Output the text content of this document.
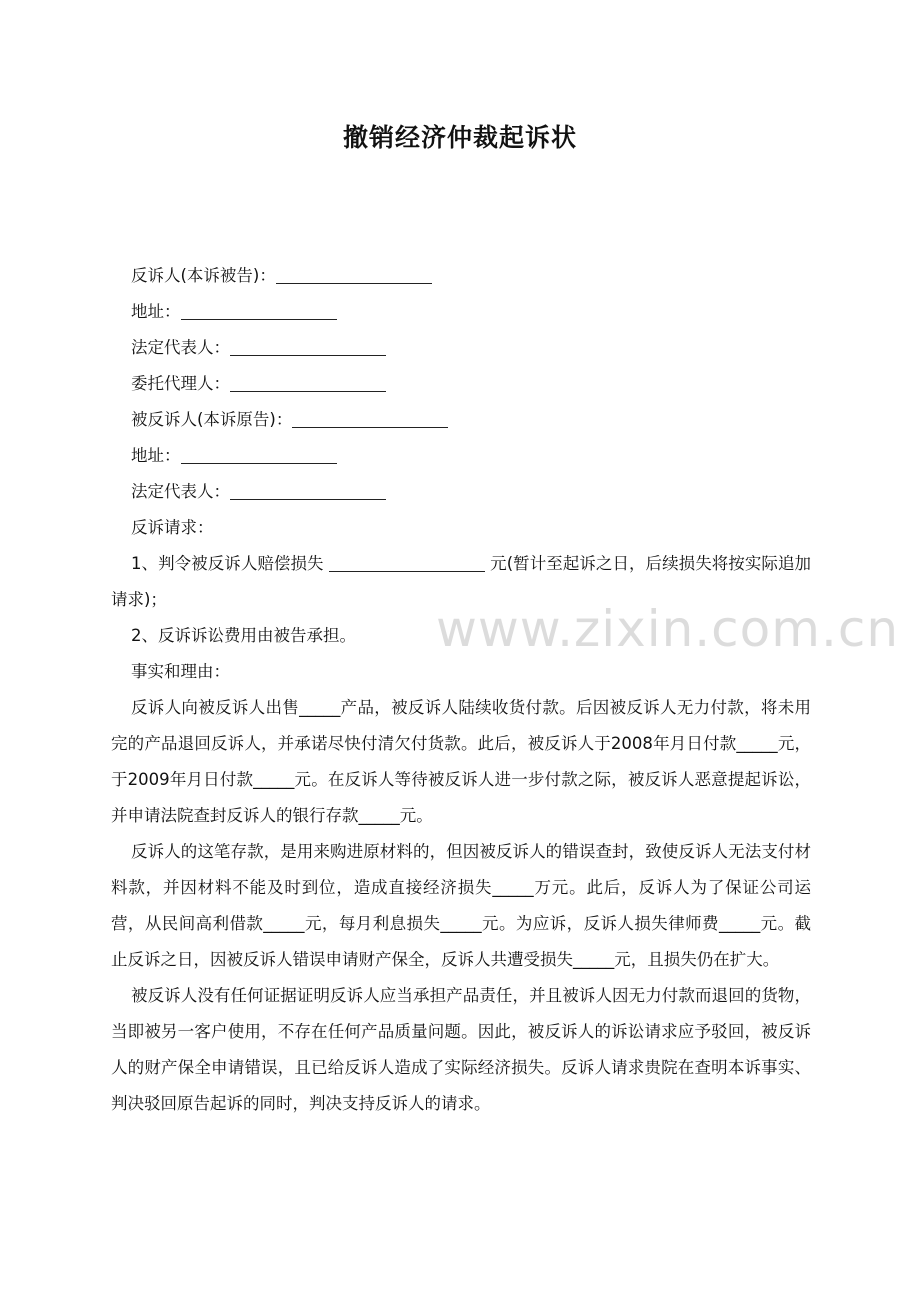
撤销经济仲裁起诉状
反诉人(本诉被告)：
地址：
法定代表人：
委托代理人：
被反诉人(本诉原告)：
地址：
法定代表人：
反诉请求：

1、判令被反诉人赔偿损失	元(暂计至起诉之日，后续损失将按实际追加请求)；

2、反诉诉讼费用由被告承担。

事实和理由：

反诉人向被反诉人出售_____产品，被反诉人陆续收货付款。后因被反诉人无力付款，将未用完的产品退回反诉人，并承诺尽快付清欠付货款。此后，被反诉人于2008年月日付款_____元，于2009年月日付款_____元。在反诉人等待被反诉人进一步付款之际，被反诉人恶意提起诉讼，并申请法院查封反诉人的银行存款_____元。

反诉人的这笔存款，是用来购进原材料的，但因被反诉人的错误查封，致使反诉人无法支付材料款，并因材料不能及时到位，造成直接经济损失_____万元。此后，反诉人为了保证公司运营，从民间高利借款_____元，每月利息损失_____元。为应诉，反诉人损失律师费_____元。截止反诉之日，因被反诉人错误申请财产保全，反诉人共遭受损失_____元，且损失仍在扩大。

被反诉人没有任何证据证明反诉人应当承担产品责任，并且被诉人因无力付款而退回的货物，当即被另一客户使用，不存在任何产品质量问题。因此，被反诉人的诉讼请求应予驳回，被反诉人的财产保全申请错误，且已给反诉人造成了实际经济损失。反诉人请求贵院在查明本诉事实、判决驳回原告起诉的同时，判决支持反诉人的请求。

www.zixin.com.cn
